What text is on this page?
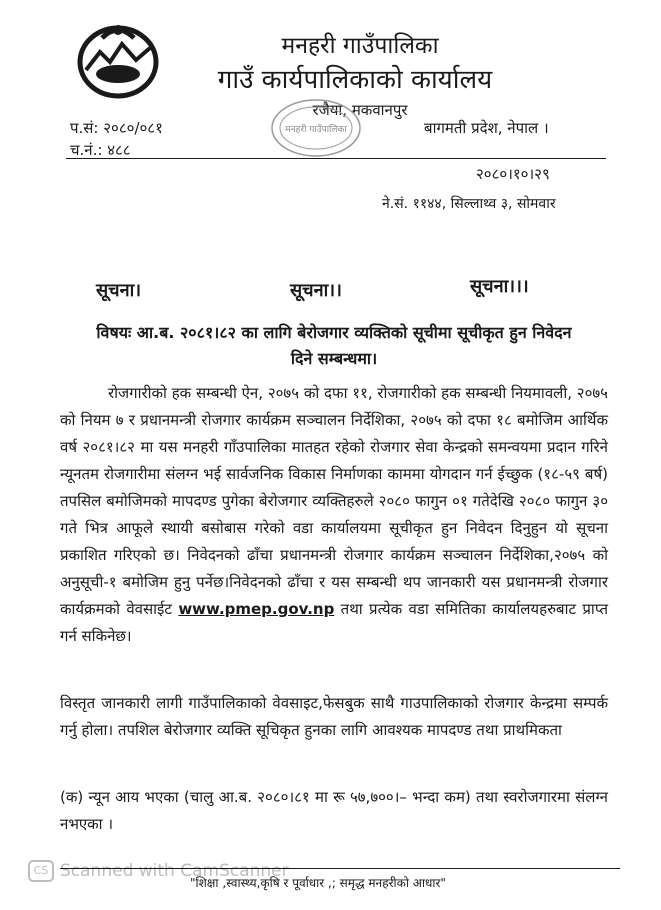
मनहरी गाउँपालिका
गाउँ कार्यपालिकाको कार्यालय
रजैया, मकवानपुर
मनहरी गाउँपालिका
प.सं: २०८०/०८१
च.नं.: ४८८
बागमती प्रदेश, नेपाल ।
२०८०।१०।२९
ने.सं. ११४४, सिल्लाथ्व ३, सोमवार
सूचना।	सूचना।।	सूचना।।।
विषयः आ.ब. २०८१।८२ का लागि बेरोजगार व्यक्तिको सूचीमा सूचीकृत हुन निवेदन दिने सम्बन्धमा।
रोजगारीको हक सम्बन्धी ऐन, २०७५ को दफा ११, रोजगारीको हक सम्बन्धी नियमावली, २०७५ को नियम ७ र प्रधानमन्त्री रोजगार कार्यक्रम सञ्चालन निर्देशिका, २०७५ को दफा १८ बमोजिम आर्थिक वर्ष २०८१।८२ मा यस मनहरी गाँउपालिका मातहत रहेको रोजगार सेवा केन्द्रको समन्वयमा प्रदान गरिने न्यूनतम रोजगारीमा संलग्न भई सार्वजनिक विकास निर्माणका काममा योगदान गर्न ईच्छुक (१८-५९ बर्ष) तपसिल बमोजिमको मापदण्ड पुगेका बेरोजगार व्यक्तिहरुले २०८० फागुन ०१ गतेदेखि २०८० फागुन ३० गते भित्र आफूले स्थायी बसोबास गरेको वडा कार्यालयमा सूचीकृत हुन निवेदन दिनुहुन यो सूचना प्रकाशित गरिएको छ। निवेदनको ढाँचा प्रधानमन्त्री रोजगार कार्यक्रम सञ्चालन निर्देशिका,२०७५ को अनुसूची-१ बमोजिम हुनु पर्नेछ।निवेदनको ढाँचा र यस सम्बन्धी थप जानकारी यस प्रधानमन्त्री रोजगार कार्यक्रमको वेवसाईट www.pmep.gov.np तथा प्रत्येक वडा समितिका कार्यालयहरुबाट प्राप्त गर्न सकिनेछ।
विस्तृत जानकारी लागी गाउँपालिकाको वेवसाइट,फेसबुक साथै गाउपालिकाको रोजगार केन्द्रमा सम्पर्क गर्नु होला। तपशिल बेरोजगार व्यक्ति सूचिकृत हुनका लागि आवश्यक मापदण्ड तथा प्राथमिकता
(क) न्यून आय भएका (चालु आ.ब. २०८०।८१ मा रू ५७,७००।– भन्दा कम) तथा स्वरोजगारमा संलग्न नभएका ।
CS Scanned with CamScanner
"शिक्षा ,स्वास्थ्य,कृषि र पूर्वाधार ,; समृद्ध मनहरीको आधार"
